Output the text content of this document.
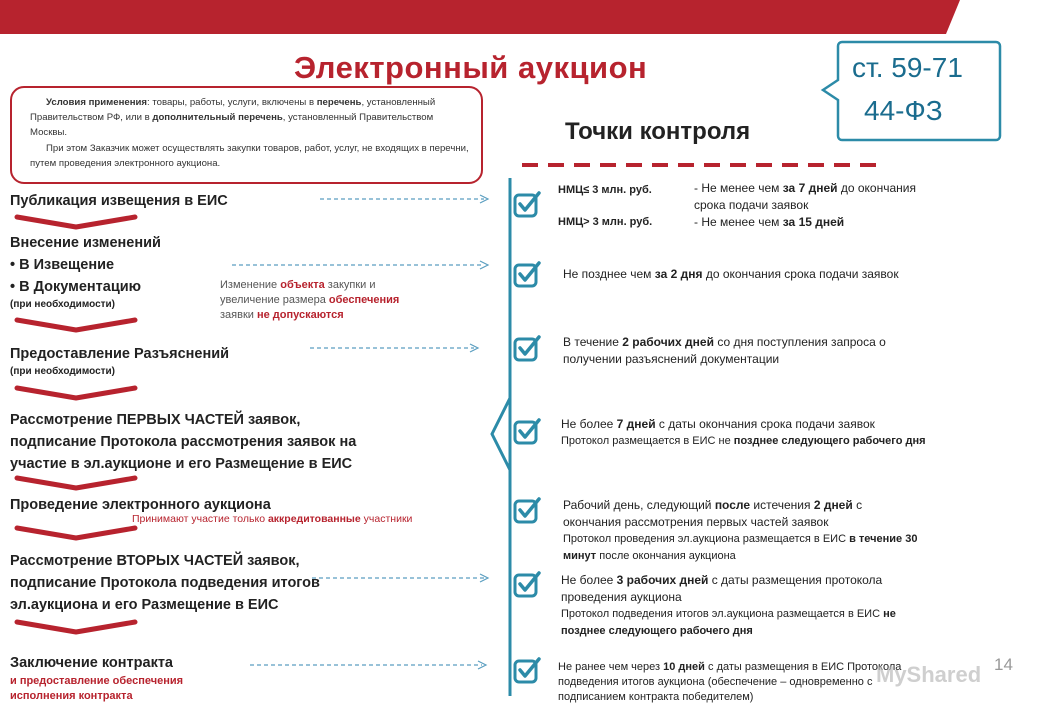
Электронный аукцион	ст. 59-71
44-ФЗ

Условия применения: товары, работы, услуги, включены в перечень, установленный Правительством РФ, или в дополнительный перечень, установленный Правительством Москвы.

При этом Заказчик может осуществлять закупки товаров, работ, услуг, не входящих в перечни, путем проведения электронного аукциона.

Точки контроля
Публикация извещения в ЕИС
Внесение изменений
• В Извещение
• В Документацию
(при необходимости)
Предоставление Разъяснений
(при необходимости)
Рассмотрение ПЕРВЫХ ЧАСТЕЙ заявок,
подписание Протокола рассмотрения заявок на
участие в эл.аукционе и его Размещение в ЕИС
Проведение электронного аукциона
Рассмотрение ВТОРЫХ ЧАСТЕЙ заявок,
подписание Протокола подведения итогов
эл.аукциона и его Размещение в ЕИС
Заключение контракта
и предоставление обеспечения
исполнения контракта
Изменение объекта закупки и
увеличение размера обеспечения
заявки не допускаются
Принимают участие только аккредитованные участники
НМЦ≤ 3 млн. руб.	- Не менее чем за 7 дней до окончания
срока подачи заявок
НМЦ> 3 млн. руб.	- Не менее чем за 15 дней
Не позднее чем за 2 дня до окончания срока подачи заявок
В течение 2 рабочих дней со дня поступления запроса о
получении разъяснений документации
Не более 7 дней с даты окончания срока подачи заявок
Протокол размещается в ЕИС не позднее следующего рабочего дня
Рабочий день, следующий после истечения 2 дней с
окончания рассмотрения первых частей заявок
Протокол проведения эл.аукциона размещается в ЕИС в течение 30
минут после окончания аукциона
Не более 3 рабочих дней с даты размещения протокола
проведения аукциона
Протокол подведения итогов эл.аукциона размещается в ЕИС не
позднее следующего рабочего дня
Не ранее чем через 10 дней с даты размещения в ЕИС Протокола
подведения итогов аукциона (обеспечение – одновременно с
подписанием контракта победителем)
MyShared 14
